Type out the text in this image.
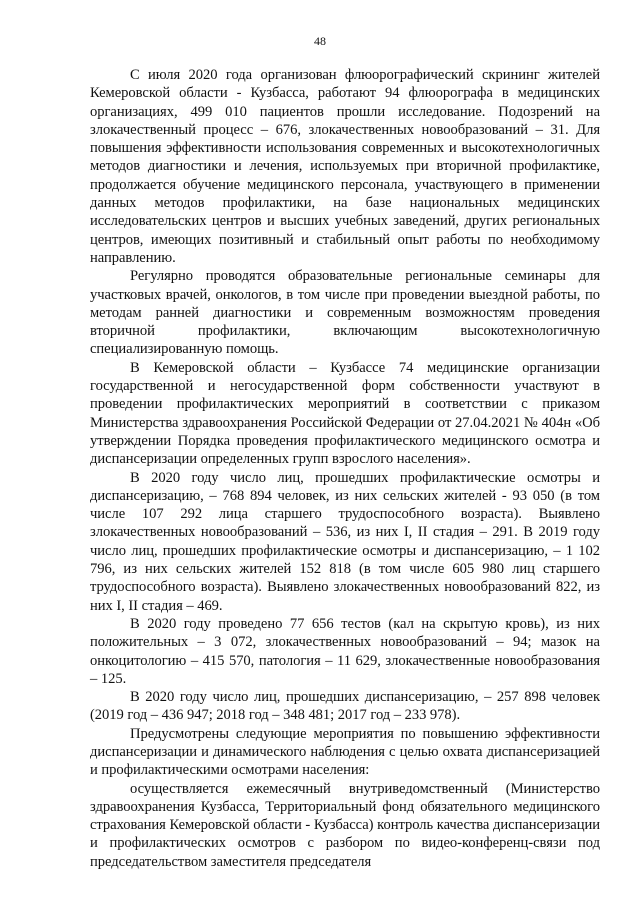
48

С июля 2020 года организован флюорографический скрининг жителей Кемеровской области - Кузбасса, работают 94 флюорографа в медицинских организациях, 499 010 пациентов прошли исследование. Подозрений на злокачественный процесс – 676, злокачественных новообразований – 31. Для повышения эффективности использования современных и высокотехнологичных методов диагностики и лечения, используемых при вторичной профилактике, продолжается обучение медицинского персонала, участвующего в применении данных методов профилактики, на базе национальных медицинских исследовательских центров и высших учебных заведений, других региональных центров, имеющих позитивный и стабильный опыт работы по необходимому направлению.

Регулярно проводятся образовательные региональные семинары для участковых врачей, онкологов, в том числе при проведении выездной работы, по методам ранней диагностики и современным возможностям проведения вторичной профилактики, включающим высокотехнологичную специализированную помощь.

В Кемеровской области – Кузбассе 74 медицинские организации государственной и негосударственной форм собственности участвуют в проведении профилактических мероприятий в соответствии с приказом Министерства здравоохранения Российской Федерации от 27.04.2021 № 404н «Об утверждении Порядка проведения профилактического медицинского осмотра и диспансеризации определенных групп взрослого населения».

В 2020 году число лиц, прошедших профилактические осмотры и диспансеризацию, – 768 894 человек, из них сельских жителей - 93 050 (в том числе 107 292 лица старшего трудоспособного возраста). Выявлено злокачественных новообразований – 536, из них I, II стадия – 291. В 2019 году число лиц, прошедших профилактические осмотры и диспансеризацию, – 1 102 796, из них сельских жителей 152 818 (в том числе 605 980 лиц старшего трудоспособного возраста). Выявлено злокачественных новообразований 822, из них I, II стадия – 469.

В 2020 году проведено 77 656 тестов (кал на скрытую кровь), из них положительных – 3 072, злокачественных новообразований – 94; мазок на онкоцитологию – 415 570, патология – 11 629, злокачественные новообразования – 125.

В 2020 году число лиц, прошедших диспансеризацию, – 257 898 человек (2019 год – 436 947; 2018 год – 348 481; 2017 год – 233 978).

Предусмотрены следующие мероприятия по повышению эффективности диспансеризации и динамического наблюдения с целью охвата диспансеризацией и профилактическими осмотрами населения:

осуществляется ежемесячный внутриведомственный (Министерство здравоохранения Кузбасса, Территориальный фонд обязательного медицинского страхования Кемеровской области - Кузбасса) контроль качества диспансеризации и профилактических осмотров с разбором по видео-конференц-связи под председательством заместителя председателя
